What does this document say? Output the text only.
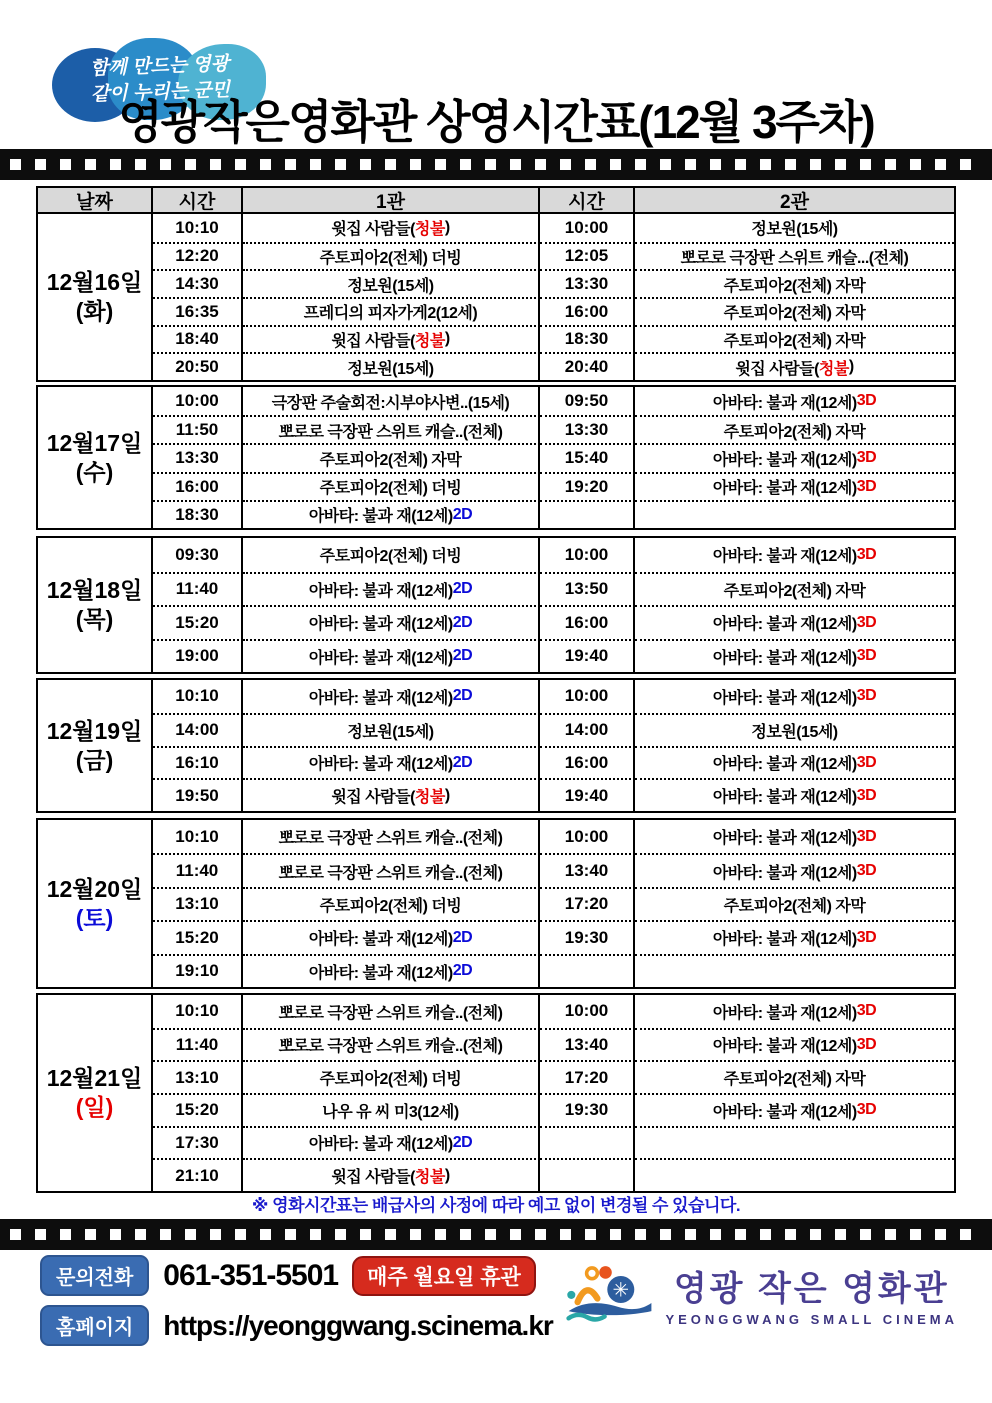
함께 만드는 영광
같이 누리는 군민
영광작은영화관 상영시간표(12월 3주차)
날짜	시간	1관	시간	2관
12월16일
(화)
10:10	윗집 사람들( 청불 )	10:00	정보원(15세)
12:20	주토피아2(전체) 더빙	12:05	뽀로로 극장판 스위트 캐슬...(전체)
14:30	정보원(15세)	13:30	주토피아2(전체) 자막
16:35	프레디의 피자가게2(12세)	16:00	주토피아2(전체) 자막
18:40	윗집 사람들( 청불 )	18:30	주토피아2(전체) 자막
20:50	정보원(15세)	20:40	윗집 사람들( 청불 )
12월17일
(수)
10:00	극장판 주술회전:시부야사변..(15세)	09:50	아바타: 불과 재(12세) 3D
11:50	뽀로로 극장판 스위트 캐슬..(전체)	13:30	주토피아2(전체) 자막
13:30	주토피아2(전체) 자막	15:40	아바타: 불과 재(12세) 3D
16:00	주토피아2(전체) 더빙	19:20	아바타: 불과 재(12세) 3D
18:30	아바타: 불과 재(12세) 2D
12월18일
(목)
09:30	주토피아2(전체) 더빙	10:00	아바타: 불과 재(12세) 3D
11:40	아바타: 불과 재(12세) 2D	13:50	주토피아2(전체) 자막
15:20	아바타: 불과 재(12세) 2D	16:00	아바타: 불과 재(12세) 3D
19:00	아바타: 불과 재(12세) 2D	19:40	아바타: 불과 재(12세) 3D
12월19일
(금)
10:10	아바타: 불과 재(12세) 2D	10:00	아바타: 불과 재(12세) 3D
14:00	정보원(15세)	14:00	정보원(15세)
16:10	아바타: 불과 재(12세) 2D	16:00	아바타: 불과 재(12세) 3D
19:50	윗집 사람들( 청불 )	19:40	아바타: 불과 재(12세) 3D
12월20일
(토)
10:10	뽀로로 극장판 스위트 캐슬..(전체)	10:00	아바타: 불과 재(12세) 3D
11:40	뽀로로 극장판 스위트 캐슬..(전체)	13:40	아바타: 불과 재(12세) 3D
13:10	주토피아2(전체) 더빙	17:20	주토피아2(전체) 자막
15:20	아바타: 불과 재(12세) 2D	19:30	아바타: 불과 재(12세) 3D
19:10	아바타: 불과 재(12세) 2D
12월21일
(일)
10:10	뽀로로 극장판 스위트 캐슬..(전체)	10:00	아바타: 불과 재(12세) 3D
11:40	뽀로로 극장판 스위트 캐슬..(전체)	13:40	아바타: 불과 재(12세) 3D
13:10	주토피아2(전체) 더빙	17:20	주토피아2(전체) 자막
15:20	나우 유 씨 미3(12세)	19:30	아바타: 불과 재(12세) 3D
17:30	아바타: 불과 재(12세) 2D
21:10	윗집 사람들( 청불 )
※ 영화시간표는 배급사의 사정에 따라 예고 없이 변경될 수 있습니다.
문의전화	061-351-5501	매주 월요일 휴관
홈페이지	https://yeonggwang.scinema.kr
✳ 영광 작은 영화관
YEONGGWANG SMALL CINEMA
